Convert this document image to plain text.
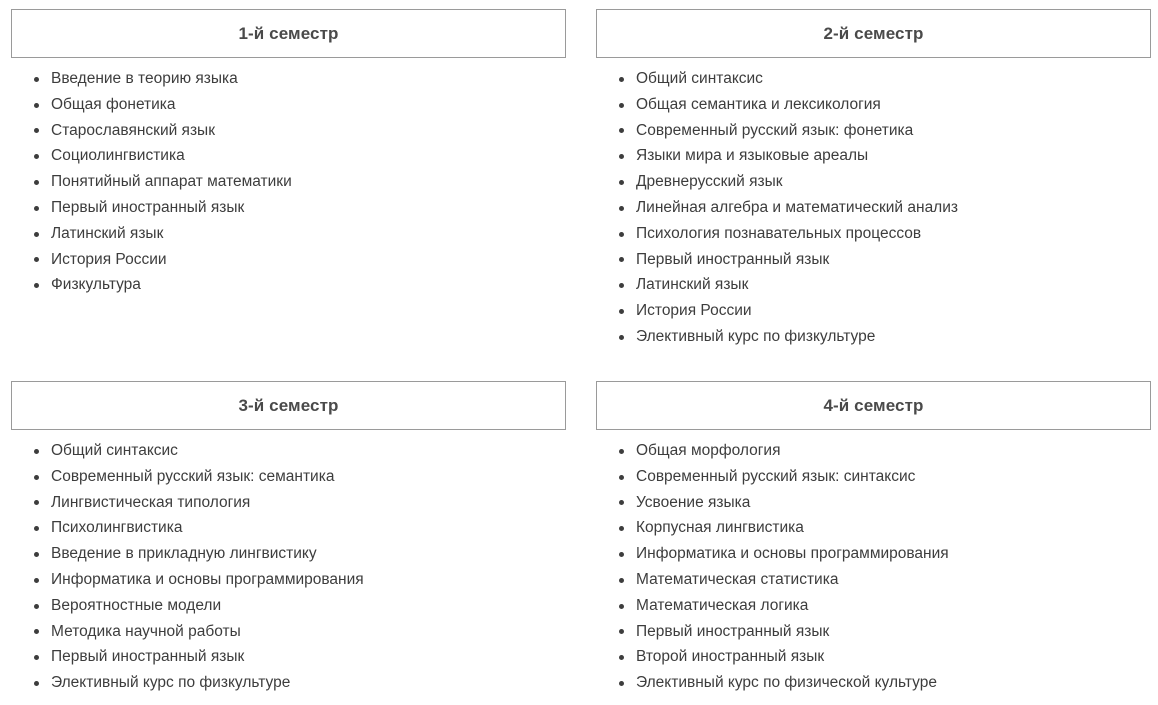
1-й семестр
Введение в теорию языка
Общая фонетика
Старославянский язык
Социолингвистика
Понятийный аппарат математики
Первый иностранный язык
Латинский язык
История России
Физкультура
2-й семестр
Общий синтаксис
Общая семантика и лексикология
Современный русский язык: фонетика
Языки мира и языковые ареалы
Древнерусский язык
Линейная алгебра и математический анализ
Психология познавательных процессов
Первый иностранный язык
Латинский язык
История России
Элективный курс по физкультуре
3-й семестр
Общий синтаксис
Современный русский язык: семантика
Лингвистическая типология
Психолингвистика
Введение в прикладную лингвистику
Информатика и основы программирования
Вероятностные модели
Методика научной работы
Первый иностранный язык
Элективный курс по физкультуре
4-й семестр
Общая морфология
Современный русский язык: синтаксис
Усвоение языка
Корпусная лингвистика
Информатика и основы программирования
Математическая статистика
Математическая логика
Первый иностранный язык
Второй иностранный язык
Элективный курс по физической культуре
